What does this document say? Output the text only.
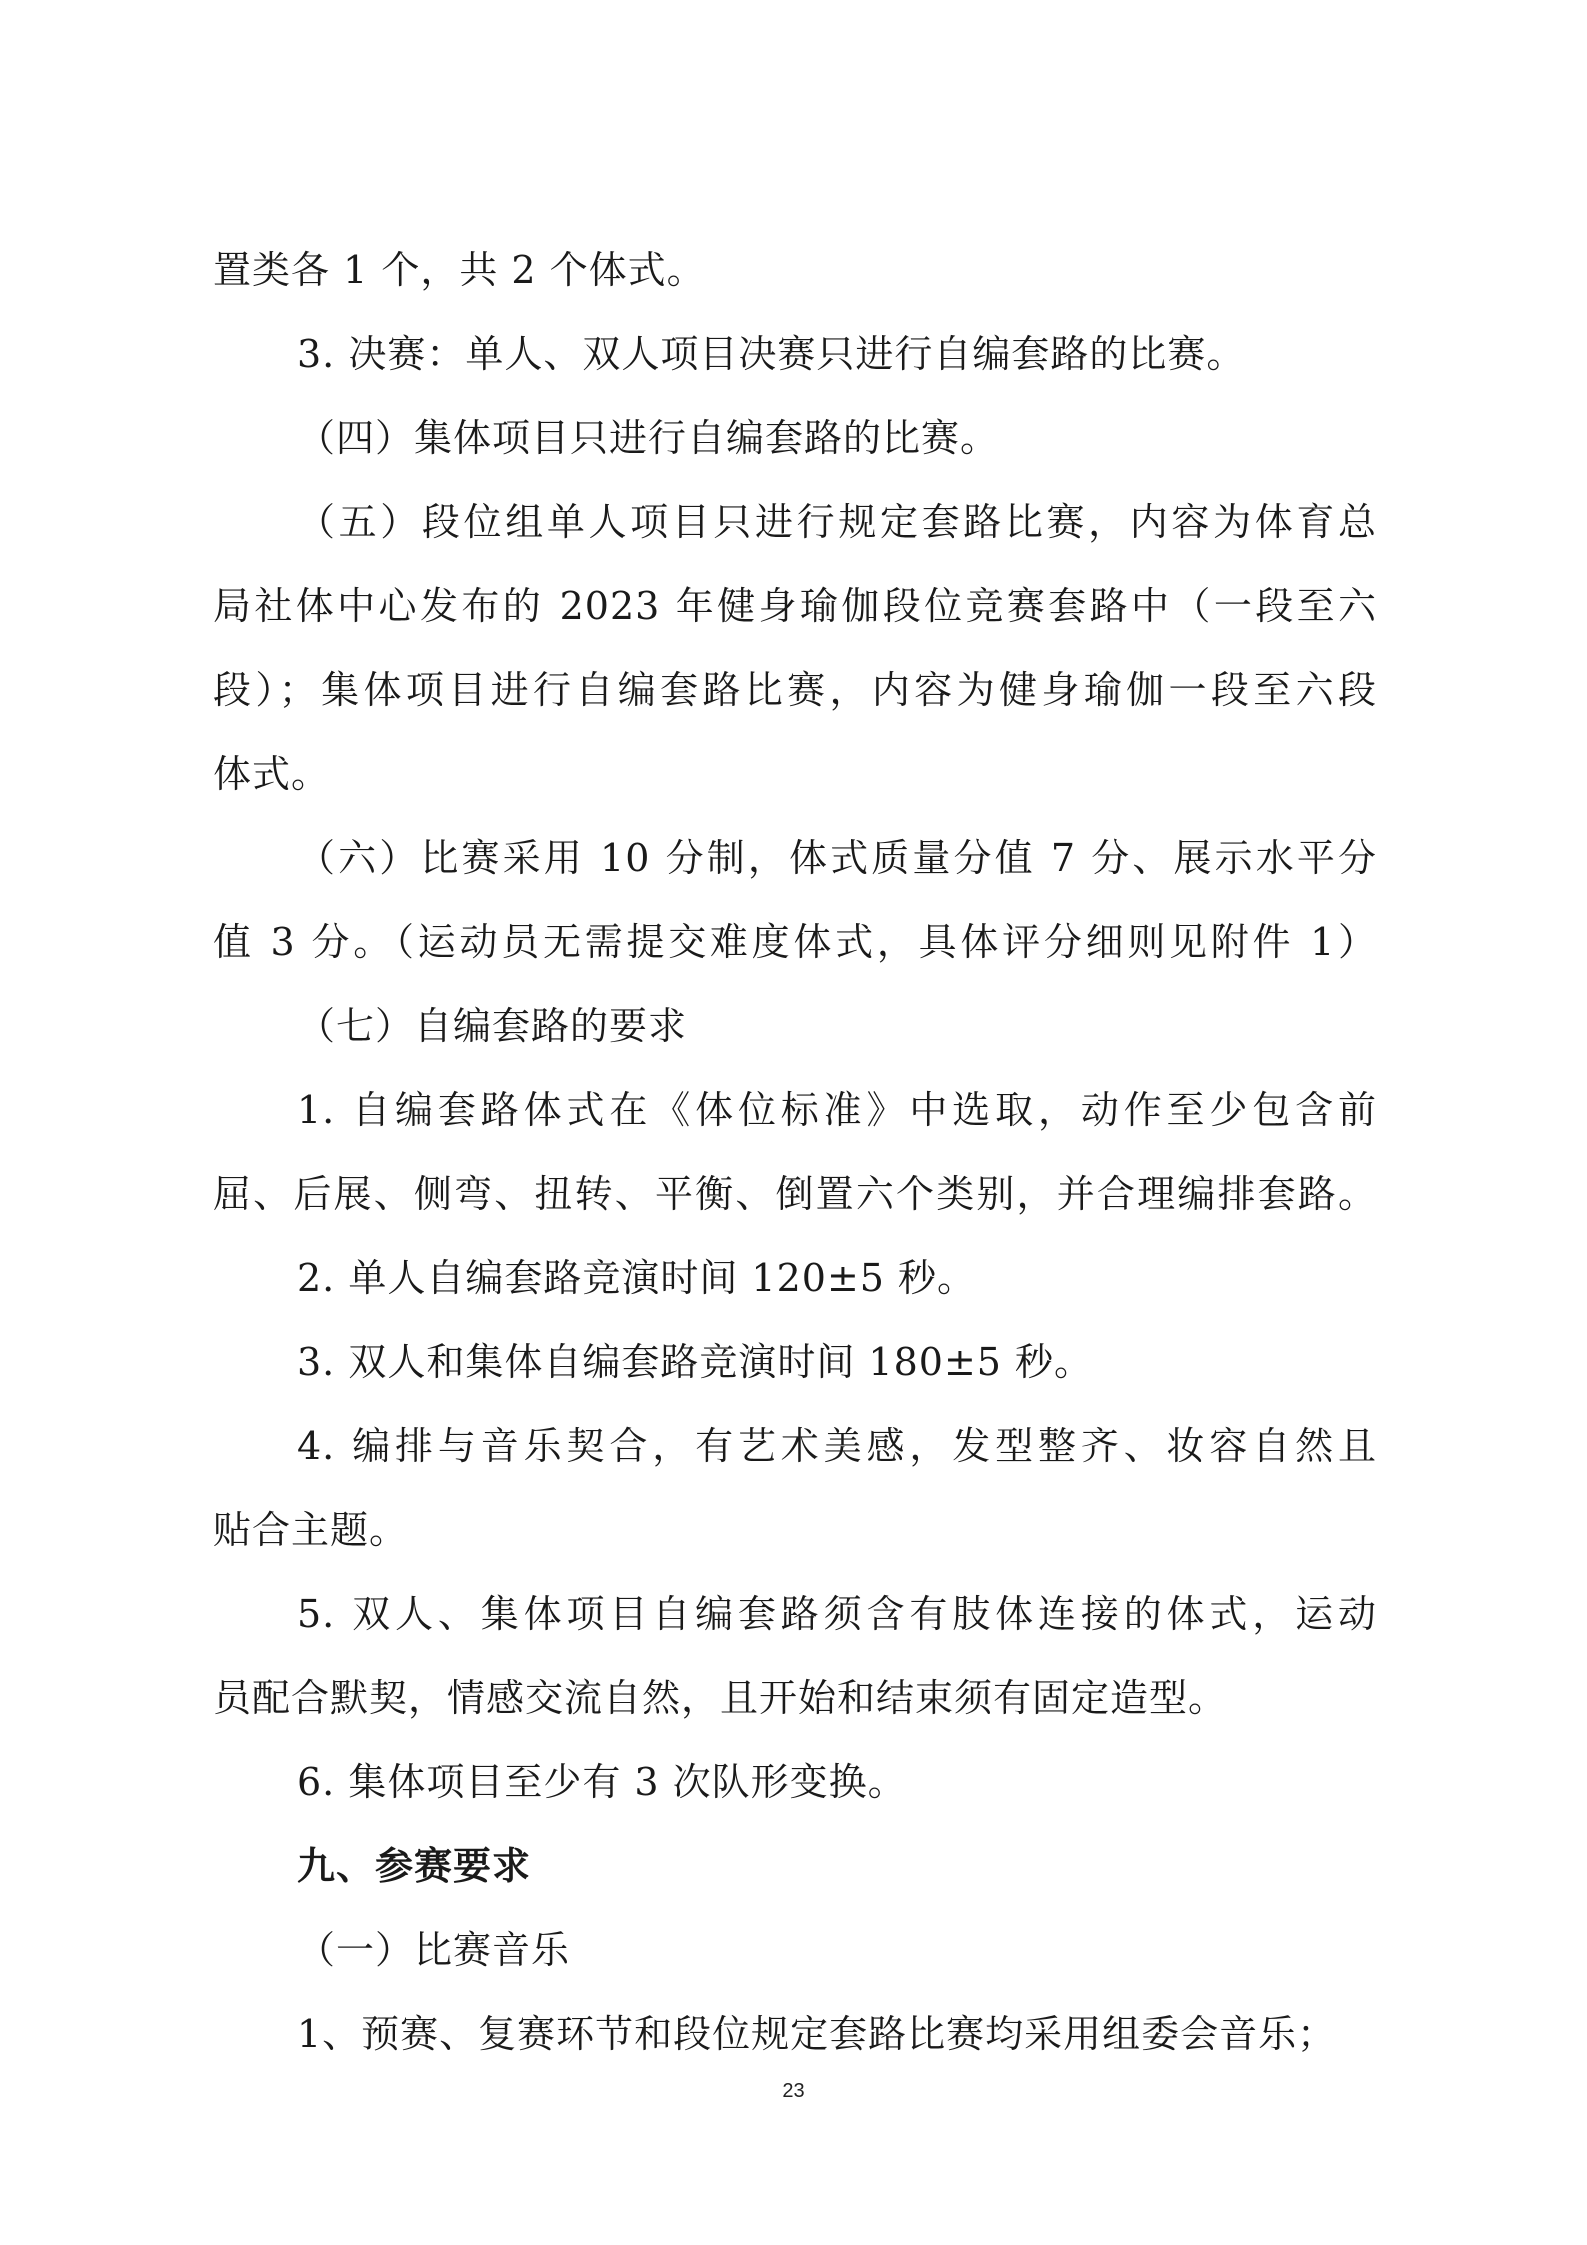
置类各 1 个，共 2 个体式。
3. 决赛：单人、双人项目决赛只进行自编套路的比赛。
（四）集体项目只进行自编套路的比赛。
（五）段位组单人项目只进行规定套路比赛，内容为体育总
局社体中心发布的 2023 年健身瑜伽段位竞赛套路中（一段至六
段）；集体项目进行自编套路比赛，内容为健身瑜伽一段至六段
体式。
（六）比赛采用 10 分制，体式质量分值 7 分、展示水平分
值 3 分。（运动员无需提交难度体式，具体评分细则见附件 1）
（七）自编套路的要求
1. 自编套路体式在《体位标准》中选取，动作至少包含前
屈、后展、侧弯、扭转、平衡、倒置六个类别，并合理编排套路。
2. 单人自编套路竞演时间 120±5 秒。
3. 双人和集体自编套路竞演时间 180±5 秒。
4. 编排与音乐契合，有艺术美感，发型整齐、妆容自然且
贴合主题。
5. 双人、集体项目自编套路须含有肢体连接的体式，运动
员配合默契，情感交流自然，且开始和结束须有固定造型。
6. 集体项目至少有 3 次队形变换。
九、参赛要求
（一）比赛音乐
1、预赛、复赛环节和段位规定套路比赛均采用组委会音乐；
23
